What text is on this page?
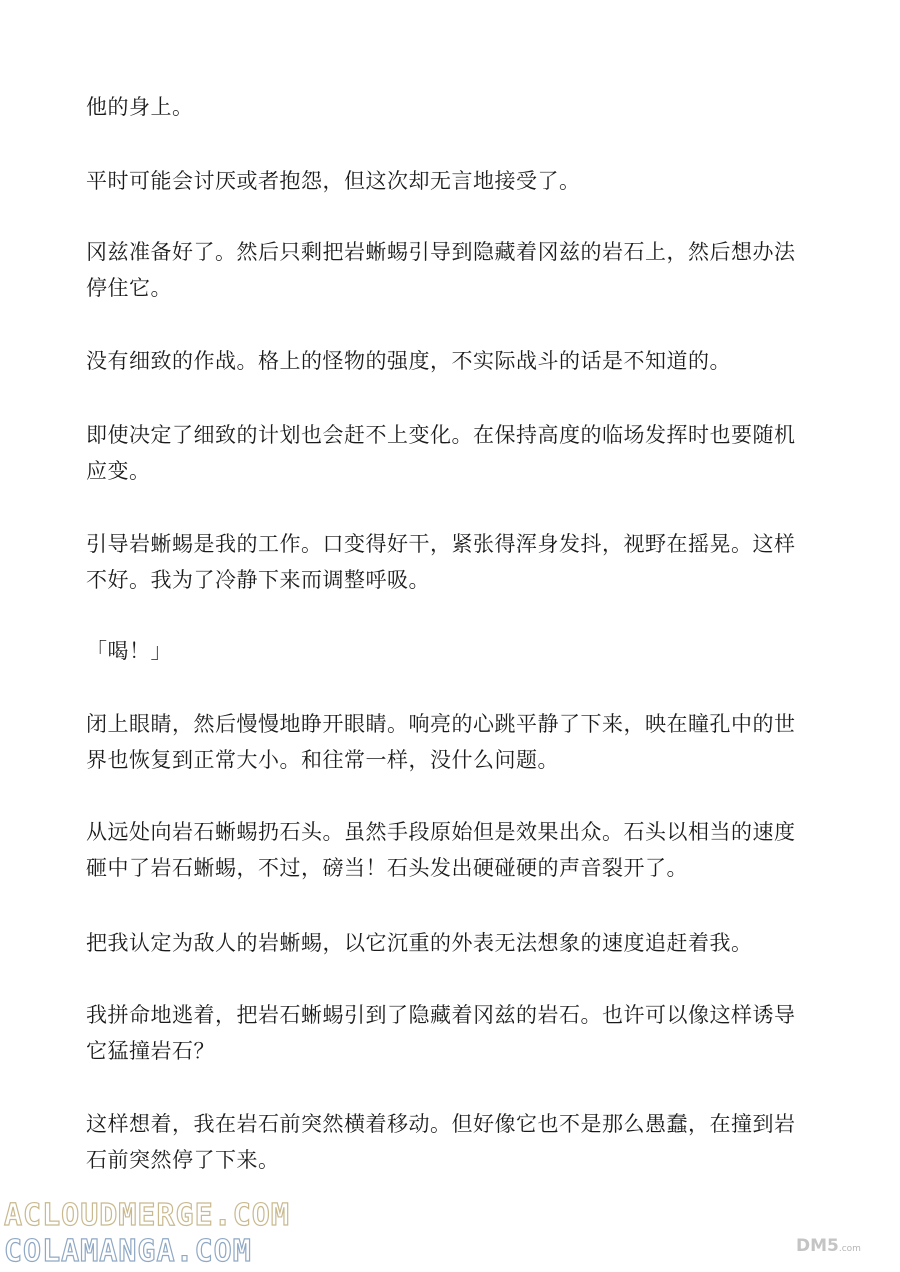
他的身上。

平时可能会讨厌或者抱怨，但这次却无言地接受了。

冈兹准备好了。然后只剩把岩蜥蜴引导到隐藏着冈兹的岩石上，然后想办法停住它。

没有细致的作战。格上的怪物的强度，不实际战斗的话是不知道的。

即使决定了细致的计划也会赶不上变化。在保持高度的临场发挥时也要随机应变。

引导岩蜥蜴是我的工作。口变得好干，紧张得浑身发抖，视野在摇晃。这样不好。我为了冷静下来而调整呼吸。

「喝！」

闭上眼睛，然后慢慢地睁开眼睛。响亮的心跳平静了下来，映在瞳孔中的世界也恢复到正常大小。和往常一样，没什么问题。

从远处向岩石蜥蜴扔石头。虽然手段原始但是效果出众。石头以相当的速度砸中了岩石蜥蜴，不过，磅当！石头发出硬碰硬的声音裂开了。

把我认定为敌人的岩蜥蜴，以它沉重的外表无法想象的速度追赶着我。

我拼命地逃着，把岩石蜥蜴引到了隐藏着冈兹的岩石。也许可以像这样诱导它猛撞岩石？

这样想着，我在岩石前突然横着移动。但好像它也不是那么愚蠢，在撞到岩石前突然停了下来。

ACLOUDMERGE.COM
COLAMANGA.COM	DM5.com
